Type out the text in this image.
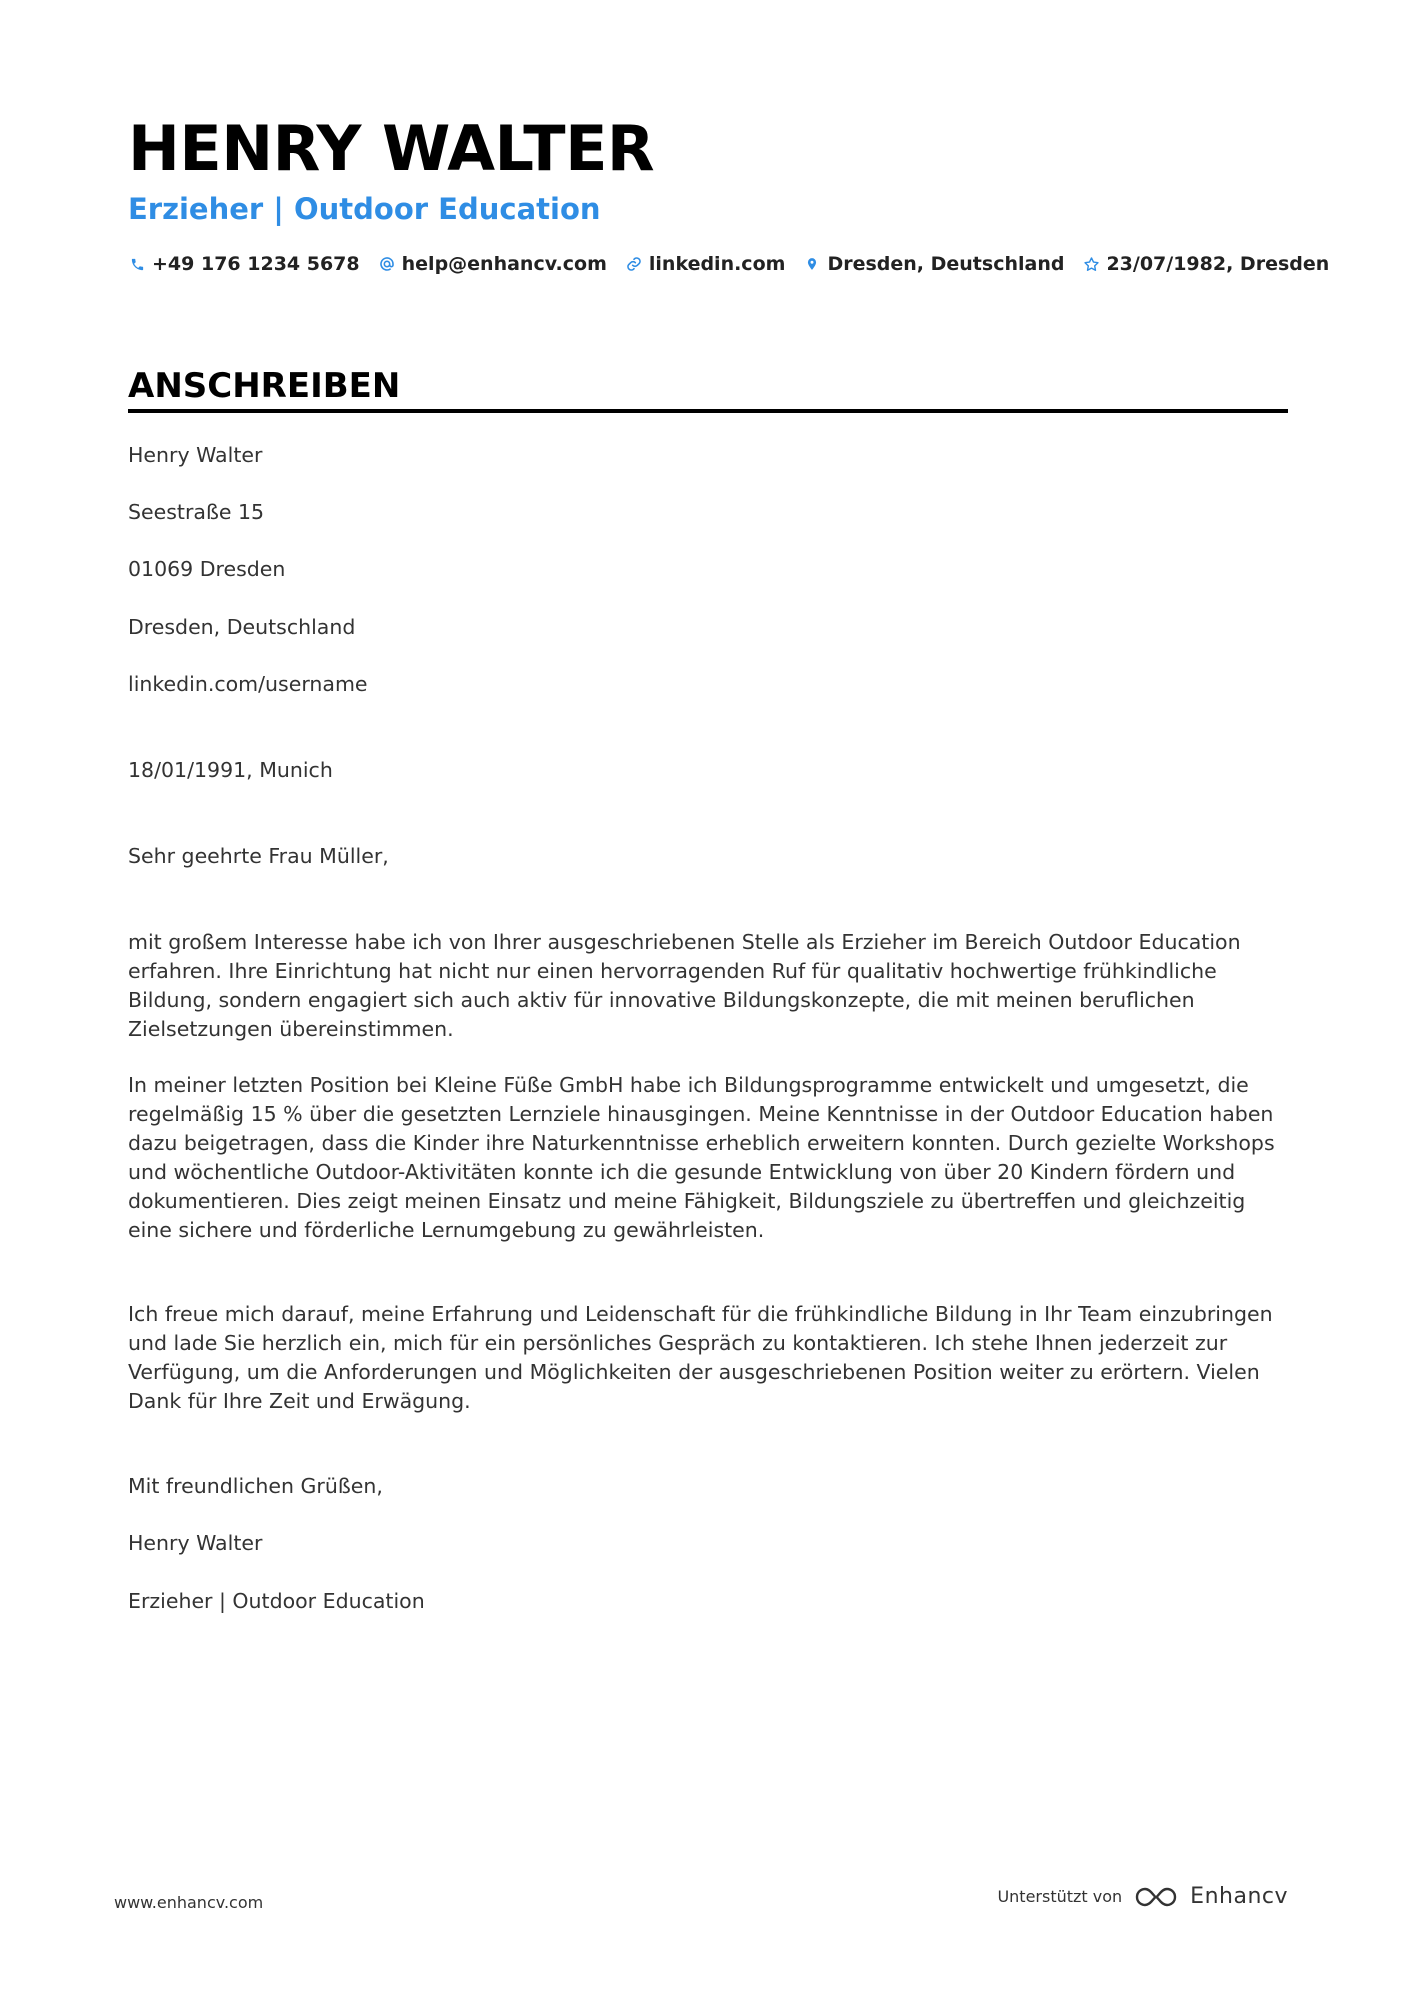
HENRY WALTER
Erzieher | Outdoor Education
+49 176 1234 5678 help@enhancv.com linkedin.com Dresden, Deutschland 23/07/1982, Dresden
ANSCHREIBEN
Henry Walter
Seestraße 15
01069 Dresden
Dresden, Deutschland
linkedin.com/username
18/01/1991, Munich
Sehr geehrte Frau Müller,

mit großem Interesse habe ich von Ihrer ausgeschriebenen Stelle als Erzieher im Bereich Outdoor Education erfahren. Ihre Einrichtung hat nicht nur einen hervorragenden Ruf für qualitativ hochwertige frühkindliche Bildung, sondern engagiert sich auch aktiv für innovative Bildungskonzepte, die mit meinen beruflichen Zielsetzungen übereinstimmen.

In meiner letzten Position bei Kleine Füße GmbH habe ich Bildungsprogramme entwickelt und umgesetzt, die regelmäßig 15 % über die gesetzten Lernziele hinausgingen. Meine Kenntnisse in der Outdoor Education haben dazu beigetragen, dass die Kinder ihre Naturkenntnisse erheblich erweitern konnten. Durch gezielte Workshops und wöchentliche Outdoor-Aktivitäten konnte ich die gesunde Entwicklung von über 20 Kindern fördern und dokumentieren. Dies zeigt meinen Einsatz und meine Fähigkeit, Bildungsziele zu übertreffen und gleichzeitig eine sichere und förderliche Lernumgebung zu gewährleisten.

Ich freue mich darauf, meine Erfahrung und Leidenschaft für die frühkindliche Bildung in Ihr Team einzubringen und lade Sie herzlich ein, mich für ein persönliches Gespräch zu kontaktieren. Ich stehe Ihnen jederzeit zur Verfügung, um die Anforderungen und Möglichkeiten der ausgeschriebenen Position weiter zu erörtern. Vielen Dank für Ihre Zeit und Erwägung.

Mit freundlichen Grüßen,
Henry Walter
Erzieher | Outdoor Education
www.enhancv.com	Unterstützt von	Enhancv
